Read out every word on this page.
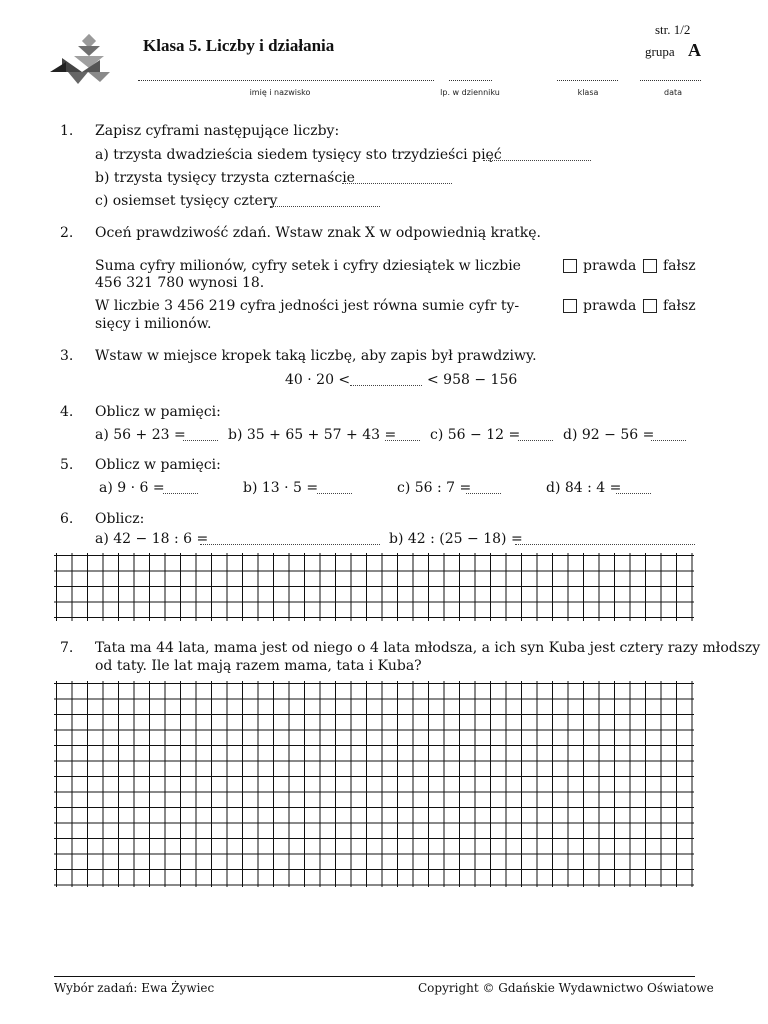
Klasa 5. Liczby i działania
str. 1/2
grupa A
imię i nazwisko	lp. w dzienniku	klasa	data
1. Zapisz cyframi następujące liczby:
a) trzysta dwadzieścia siedem tysięcy sto trzydzieści pięć
b) trzysta tysięcy trzysta czternaście
c) osiemset tysięcy cztery
2. Oceń prawdziwość zdań. Wstaw znak X w odpowiednią kratkę.
Suma cyfry milionów, cyfry setek i cyfry dziesiątek w liczbie
456 321 780 wynosi 18.
prawda fałsz
W liczbie 3 456 219 cyfra jedności jest równa sumie cyfr ty-
sięcy i milionów.
prawda fałsz
3. Wstaw w miejsce kropek taką liczbę, aby zapis był prawdziwy.
40 · 20 <	< 958 − 156
4. Oblicz w pamięci:
a) 56 + 23 =	b) 35 + 65 + 57 + 43 = c) 56 − 12 =	d) 92 − 56 =
5. Oblicz w pamięci:
a) 9 · 6 =	b) 13 · 5 =	c) 56 : 7 =	d) 84 : 4 =
6. Oblicz:
a) 42 − 18 : 6 =	b) 42 : (25 − 18) =
7. Tata ma 44 lata, mama jest od niego o 4 lata młodsza, a ich syn Kuba jest cztery razy młodszy
od taty. Ile lat mają razem mama, tata i Kuba?
Wybór zadań: Ewa Żywiec	Copyright © Gdańskie Wydawnictwo Oświatowe
